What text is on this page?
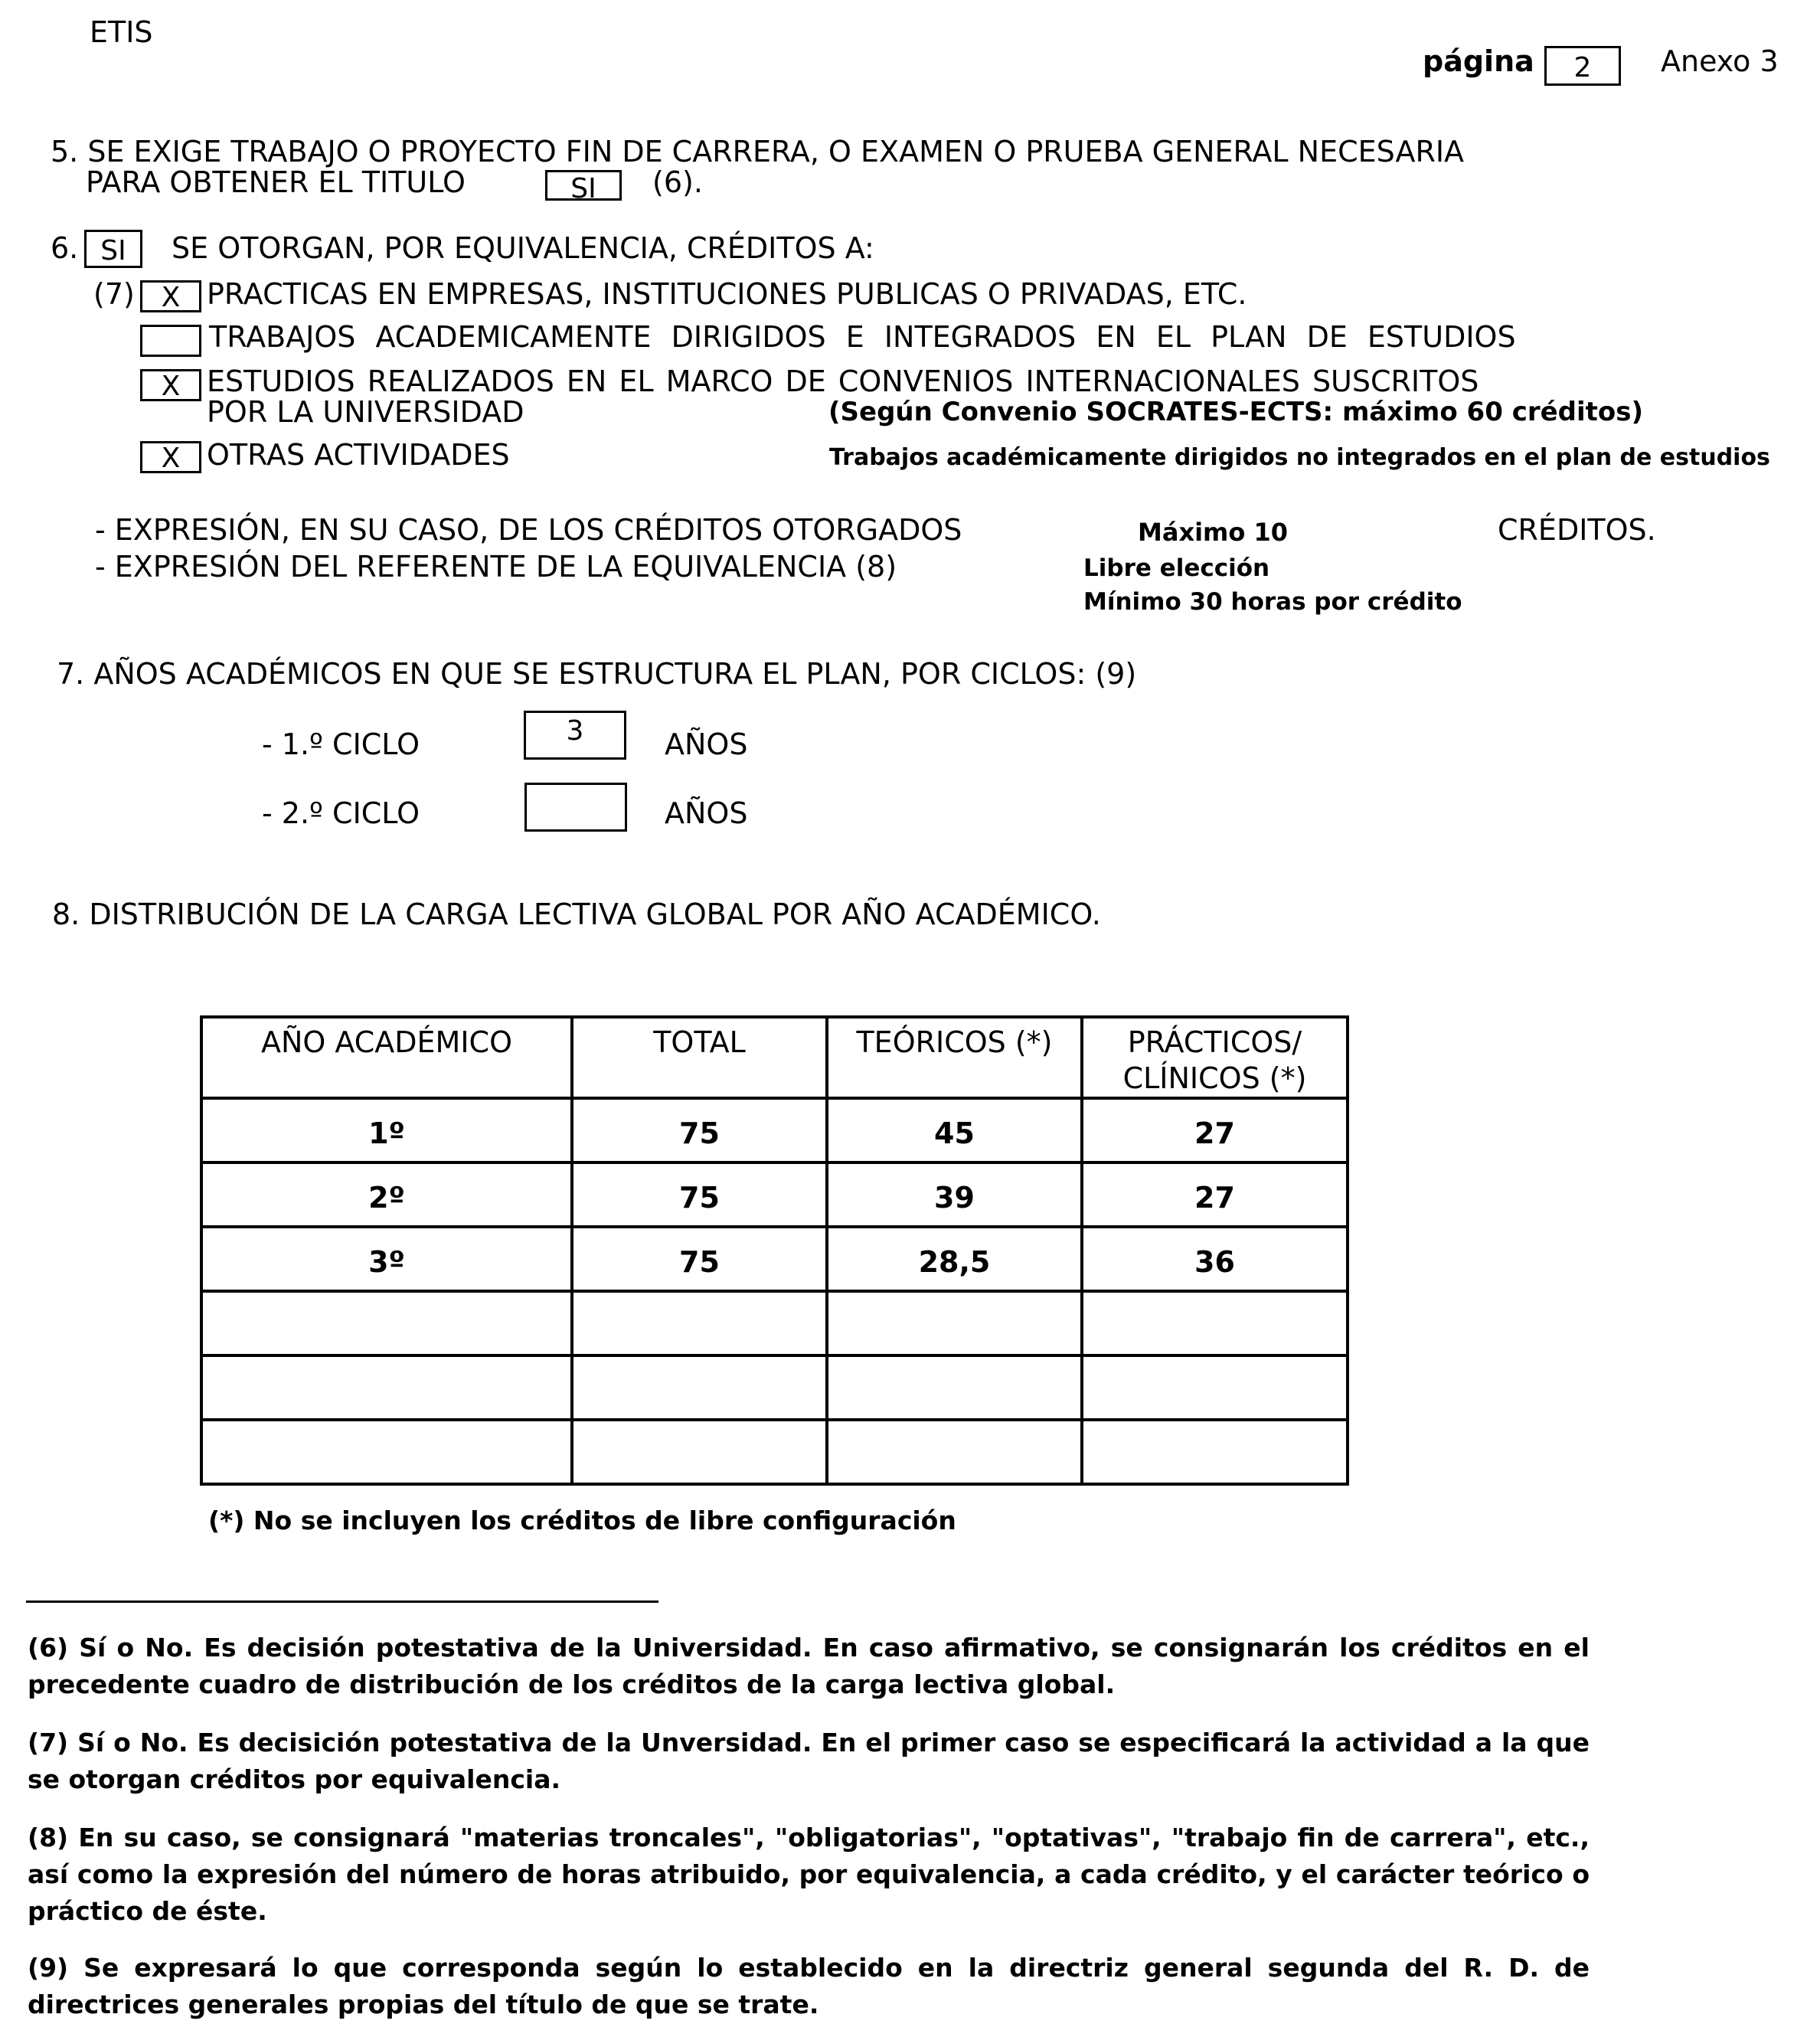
ETIS
página	2	Anexo 3
5. SE EXIGE TRABAJO O PROYECTO FIN DE CARRERA, O EXAMEN O PRUEBA GENERAL NECESARIA
PARA OBTENER EL TITULO	SI	(6).
6. SI	SE OTORGAN, POR EQUIVALENCIA, CRÉDITOS A:
(7) X PRACTICAS EN EMPRESAS, INSTITUCIONES PUBLICAS O PRIVADAS, ETC.
TRABAJOS ACADEMICAMENTE DIRIGIDOS E INTEGRADOS EN EL PLAN DE ESTUDIOS
X ESTUDIOS REALIZADOS EN EL MARCO DE CONVENIOS INTERNACIONALES SUSCRITOS
POR LA UNIVERSIDAD	(Según Convenio SOCRATES-ECTS: máximo 60 créditos)
X OTRAS ACTIVIDADES	Trabajos académicamente dirigidos no integrados en el plan de estudios
- EXPRESIÓN, EN SU CASO, DE LOS CRÉDITOS OTORGADOS	Máximo 10	CRÉDITOS.
- EXPRESIÓN DEL REFERENTE DE LA EQUIVALENCIA (8)	Libre elección
Mínimo 30 horas por crédito
7. AÑOS ACADÉMICOS EN QUE SE ESTRUCTURA EL PLAN, POR CICLOS: (9)
- 1.º CICLO	3	AÑOS
- 2.º CICLO	AÑOS
8. DISTRIBUCIÓN DE LA CARGA LECTIVA GLOBAL POR AÑO ACADÉMICO.
AÑO ACADÉMICO	TOTAL	TEÓRICOS (*)	PRÁCTICOS/
CLÍNICOS (*)
1º	75	45	27
2º	75	39	27
3º	75	28,5	36

(*) No se incluyen los créditos de libre configuración
(6) Sí o No. Es decisión potestativa de la Universidad. En caso afirmativo, se consignarán los créditos en el precedente cuadro de distribución de los créditos de la carga lectiva global.
(7) Sí o No. Es decisición potestativa de la Unversidad. En el primer caso se especificará la actividad a la que se otorgan créditos por equivalencia.
(8) En su caso, se consignará "materias troncales", "obligatorias", "optativas", "trabajo fin de carrera", etc., así como la expresión del número de horas atribuido, por equivalencia, a cada crédito, y el carácter teórico o práctico de éste.
(9) Se expresará lo que corresponda según lo establecido en la directriz general segunda del R. D. de directrices generales propias del título de que se trate.
